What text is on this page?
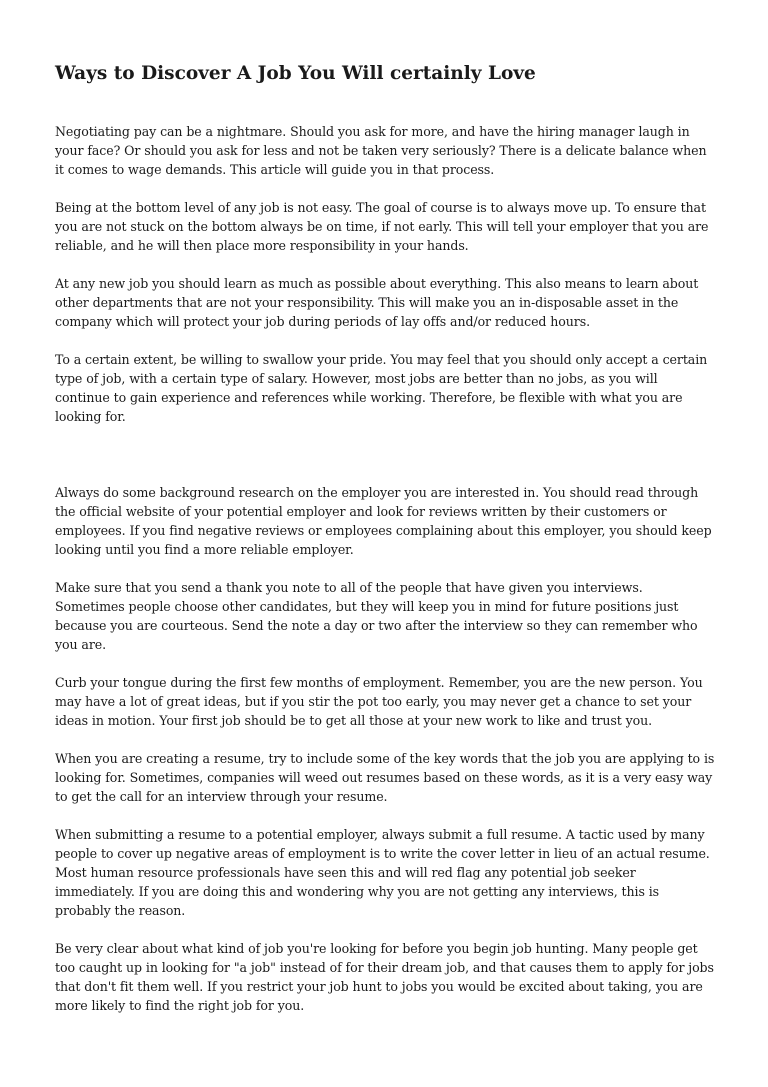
Ways to Discover A Job You Will certainly Love

Negotiating pay can be a nightmare. Should you ask for more, and have the hiring manager laugh in your face? Or should you ask for less and not be taken very seriously? There is a delicate balance when it comes to wage demands. This article will guide you in that process.

Being at the bottom level of any job is not easy. The goal of course is to always move up. To ensure that you are not stuck on the bottom always be on time, if not early. This will tell your employer that you are reliable, and he will then place more responsibility in your hands.

At any new job you should learn as much as possible about everything. This also means to learn about other departments that are not your responsibility. This will make you an in-disposable asset in the company which will protect your job during periods of lay offs and/or reduced hours.

To a certain extent, be willing to swallow your pride. You may feel that you should only accept a certain type of job, with a certain type of salary. However, most jobs are better than no jobs, as you will continue to gain experience and references while working. Therefore, be flexible with what you are looking for.

Always do some background research on the employer you are interested in. You should read through the official website of your potential employer and look for reviews written by their customers or employees. If you find negative reviews or employees complaining about this employer, you should keep looking until you find a more reliable employer.

Make sure that you send a thank you note to all of the people that have given you interviews. Sometimes people choose other candidates, but they will keep you in mind for future positions just because you are courteous. Send the note a day or two after the interview so they can remember who you are.

Curb your tongue during the first few months of employment. Remember, you are the new person. You may have a lot of great ideas, but if you stir the pot too early, you may never get a chance to set your ideas in motion. Your first job should be to get all those at your new work to like and trust you.

When you are creating a resume, try to include some of the key words that the job you are applying to is looking for. Sometimes, companies will weed out resumes based on these words, as it is a very easy way to get the call for an interview through your resume.

When submitting a resume to a potential employer, always submit a full resume. A tactic used by many people to cover up negative areas of employment is to write the cover letter in lieu of an actual resume. Most human resource professionals have seen this and will red flag any potential job seeker immediately. If you are doing this and wondering why you are not getting any interviews, this is probably the reason.

Be very clear about what kind of job you're looking for before you begin job hunting. Many people get too caught up in looking for "a job" instead of for their dream job, and that causes them to apply for jobs that don't fit them well. If you restrict your job hunt to jobs you would be excited about taking, you are more likely to find the right job for you.
